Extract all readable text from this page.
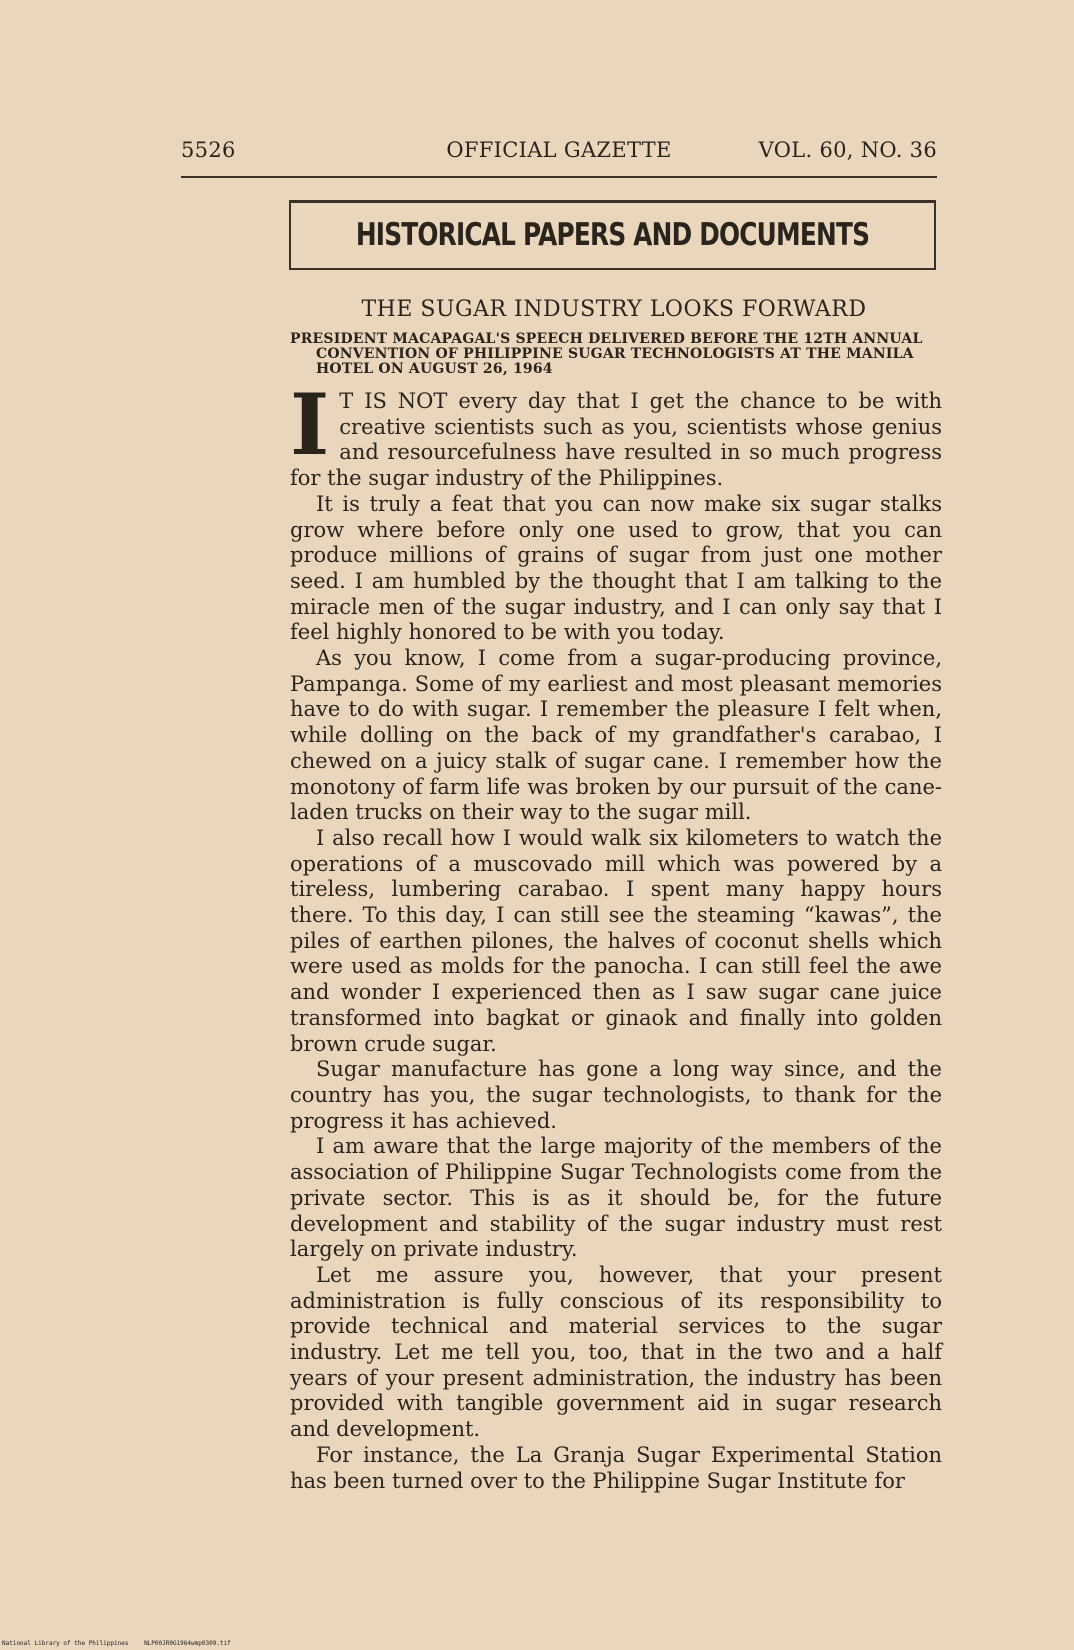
5526	OFFICIAL GAZETTE	VOL. 60, NO. 36
HISTORICAL PAPERS AND DOCUMENTS
THE SUGAR INDUSTRY LOOKS FORWARD
PRESIDENT MACAPAGAL'S SPEECH DELIVERED BEFORE THE 12TH ANNUAL CONVENTION OF PHILIPPINE SUGAR TECHNOLOGISTS AT THE MANILA HOTEL ON AUGUST 26, 1964

I T IS NOT every day that I get the chance to be with creative scientists such as you, scientists whose genius and resourcefulness have resulted in so much progress for the sugar industry of the Philippines.

It is truly a feat that you can now make six sugar stalks grow where before only one used to grow, that you can produce millions of grains of sugar from just one mother seed. I am humbled by the thought that I am talking to the miracle men of the sugar industry, and I can only say that I feel highly honored to be with you today.

As you know, I come from a sugar-producing province, Pampanga. Some of my earliest and most pleasant memories have to do with sugar. I remember the pleasure I felt when, while dolling on the back of my grandfather's carabao, I chewed on a juicy stalk of sugar cane. I remember how the monotony of farm life was broken by our pursuit of the cane-laden trucks on their way to the sugar mill.

I also recall how I would walk six kilometers to watch the operations of a muscovado mill which was powered by a tireless, lumbering carabao. I spent many happy hours there. To this day, I can still see the steaming “kawas”, the piles of earthen pilones, the halves of coconut shells which were used as molds for the panocha. I can still feel the awe and wonder I experienced then as I saw sugar cane juice transformed into bagkat or ginaok and finally into golden brown crude sugar.

Sugar manufacture has gone a long way since, and the country has you, the sugar technologists, to thank for the progress it has achieved.

I am aware that the large majority of the members of the association of Philippine Sugar Technologists come from the private sector. This is as it should be, for the future development and stability of the sugar industry must rest largely on private industry.

Let me assure you, however, that your present administration is fully conscious of its responsibility to provide technical and material services to the sugar industry. Let me tell you, too, that in the two and a half years of your present administration, the industry has been provided with tangible government aid in sugar research and development.

For instance, the La Granja Sugar Experimental Station has been turned over to the Philippine Sugar Institute for

National Library of the Philippines	NLP00JR0G1964wmp0309.tif
